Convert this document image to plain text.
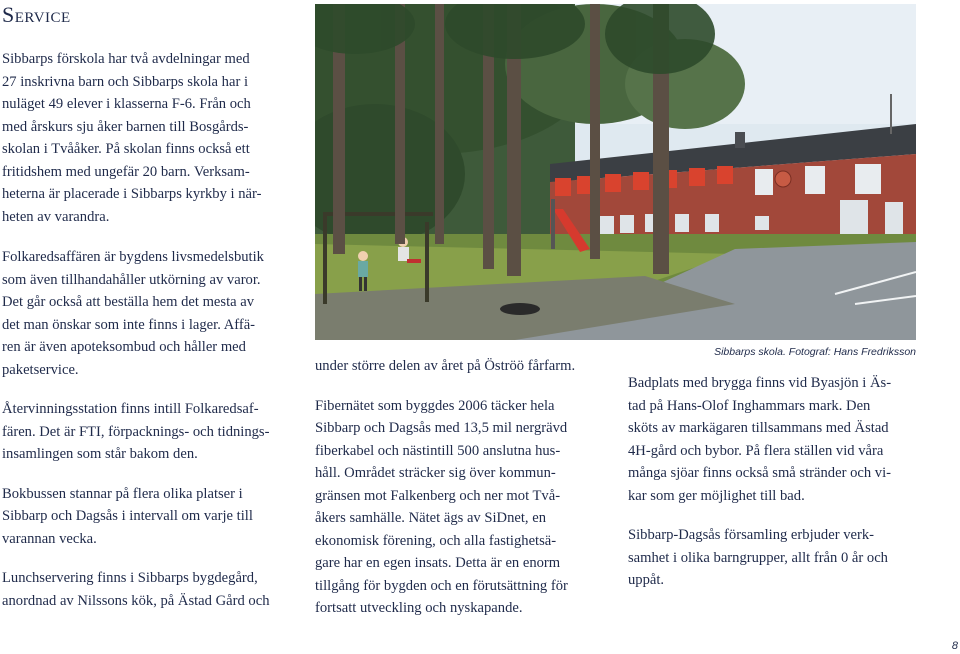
Service

Sibbarps förskola har två avdelningar med
27 inskrivna barn och Sibbarps skola har i
nuläget 49 elever i klasserna F-6. Från och
med årskurs sju åker barnen till Bosgårds-
skolan i Tvååker. På skolan finns också ett
fritidshem med ungefär 20 barn. Verksam-
heterna är placerade i Sibbarps kyrkby i när-
heten av varandra.

Folkaredsaffären är bygdens livsmedelsbutik
som även tillhandahåller utkörning av varor.
Det går också att beställa hem det mesta av
det man önskar som inte finns i lager. Affä-
ren är även apoteksombud och håller med
paketservice.

Återvinningsstation finns intill Folkaredsaf-
fären. Det är FTI, förpacknings- och tidnings-
insamlingen som står bakom den.

Bokbussen stannar på flera olika platser i
Sibbarp och Dagsås i intervall om varje till
varannan vecka.

Lunchservering finns i Sibbarps bygdegård,
anordnad av Nilssons kök, på Ästad Gård och

Sibbarps skola. Fotograf: Hans Fredriksson

under större delen av året på Öströö fårfarm.

Fibernätet som byggdes 2006 täcker hela
Sibbarp och Dagsås med 13,5 mil nergrävd
fiberkabel och nästintill 500 anslutna hus-
håll. Området sträcker sig över kommun-
gränsen mot Falkenberg och ner mot Två-
åkers samhälle. Nätet ägs av SiDnet, en
ekonomisk förening, och alla fastighetsä-
gare har en egen insats. Detta är en enorm
tillgång för bygden och en förutsättning för
fortsatt utveckling och nyskapande.

Badplats med brygga finns vid Byasjön i Äs-
tad på Hans-Olof Inghammars mark. Den
sköts av markägaren tillsammans med Ästad
4H-gård och bybor. På flera ställen vid våra
många sjöar finns också små stränder och vi-
kar som ger möjlighet till bad.

Sibbarp-Dagsås församling erbjuder verk-
samhet i olika barngrupper, allt från 0 år och
uppåt.

8
